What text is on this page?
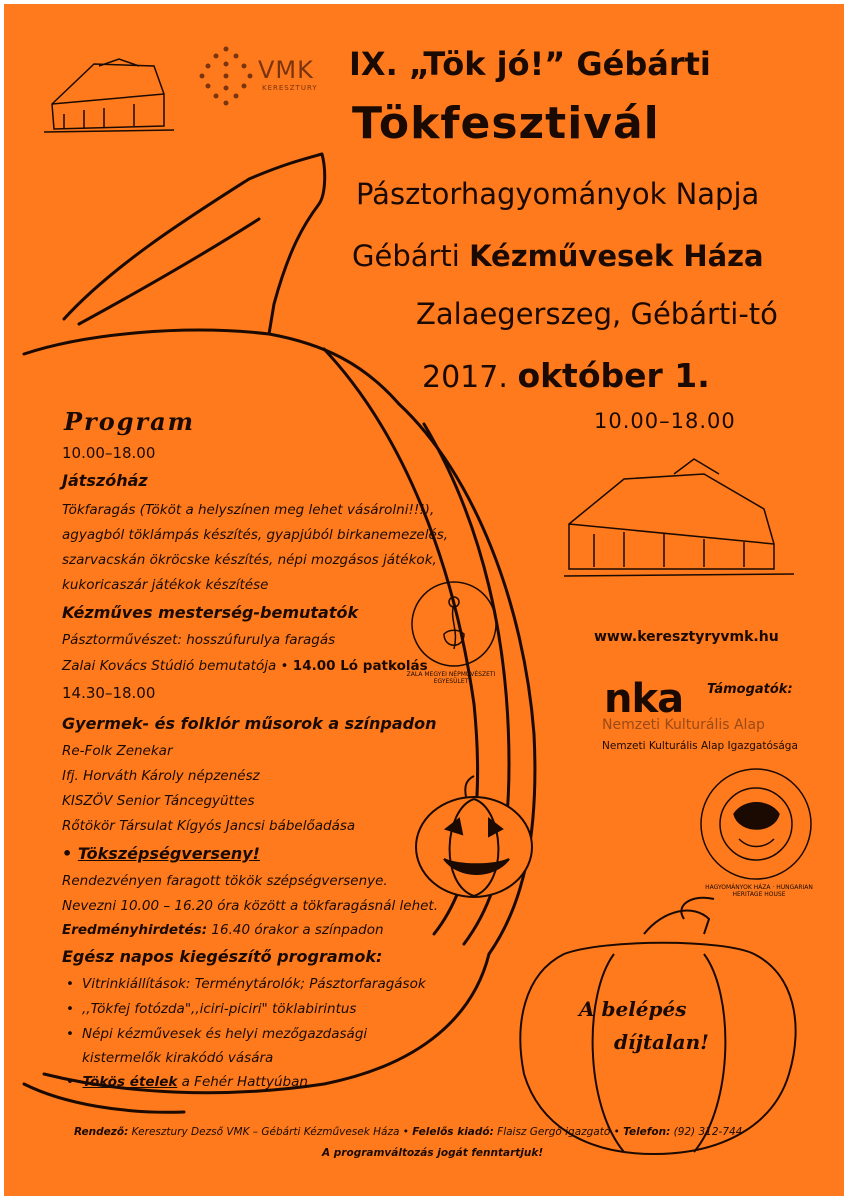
VMK
KERESZTURY
IX. „Tök jó!” Gébárti
Tökfesztivál
Pásztorhagyományok Napja
Gébárti Kézművesek Háza
Zalaegerszeg, Gébárti-tó
2017. október 1.
10.00–18.00
Program
10.00–18.00
Játszóház
Tökfaragás (Tököt a helyszínen meg lehet vásárolni!!!),
agyagból töklámpás készítés, gyapjúból birkanemezelés,
szarvacskán ökröcske készítés, népi mozgásos játékok,
kukoricaszár játékok készítése
Kézműves mesterség-bemutatók
Pásztorművészet: hosszúfurulya faragás
Zalai Kovács Stúdió bemutatója • 14.00 Ló patkolás
14.30–18.00
Gyermek- és folklór műsorok a színpadon
Re-Folk Zenekar
Ifj. Horváth Károly népzenész
KISZÖV Senior Táncegyüttes
Rőtökör Társulat Kígyós Jancsi bábelőadása
• Tökszépségverseny!
Rendezvényen faragott tökök szépségversenye.
Nevezni 10.00 – 16.20 óra között a tökfaragásnál lehet.
Eredményhirdetés: 16.40 órakor a színpadon
Egész napos kiegészítő programok:
• Vitrinkiállítások: Terménytárolók; Pásztorfaragások
• ,,Tökfej fotózda",,iciri-piciri" töklabirintus
• Népi kézművesek és helyi mezőgazdasági
kistermelők kirakódó vására
•  Tökös ételek a Fehér Hattyúban
www.keresztyryvmk.hu
Támogatók:
nka
Nemzeti Kulturális Alap
Nemzeti Kulturális Alap Igazgatósága
ZALA MEGYEI NÉPMŰVÉSZETI EGYESÜLET
HAGYOMÁNYOK HÁZA · HUNGARIAN HERITAGE HOUSE
A belépés
díjtalan!
Rendező: Keresztury Dezső VMK – Gébárti Kézművesek Háza • Felelős kiadó: Flaisz Gergő igazgató • Telefon: (92) 312-744
A programváltozás jogát fenntartjuk!
